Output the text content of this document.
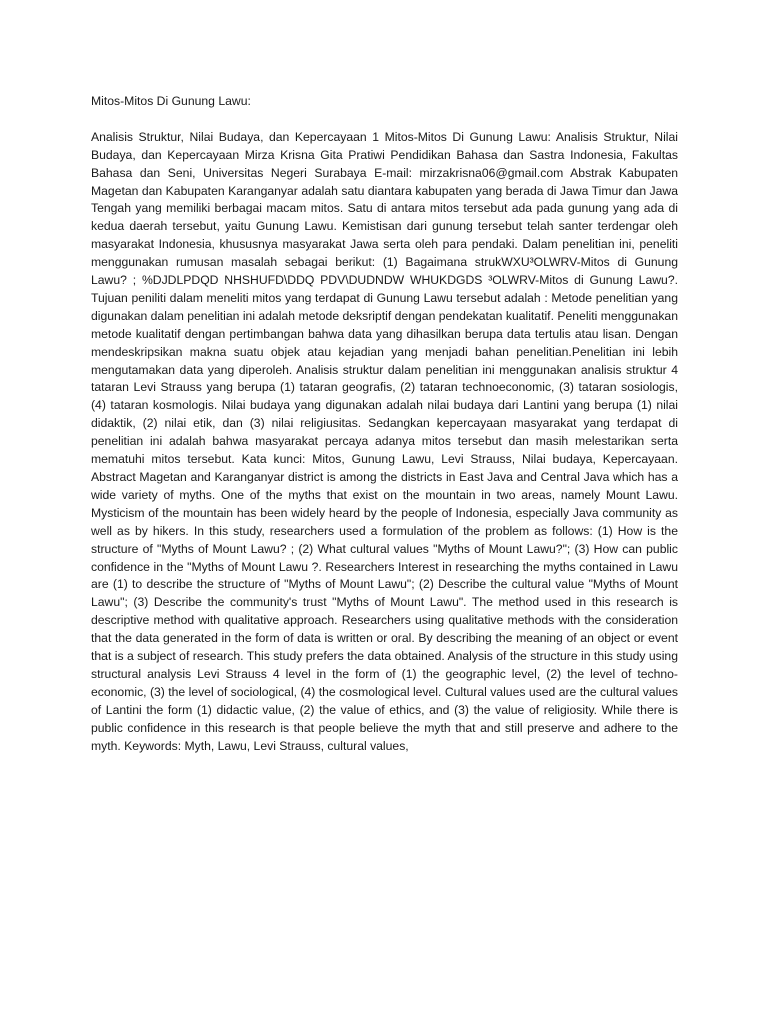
Mitos-Mitos Di Gunung Lawu:

Analisis Struktur, Nilai Budaya, dan Kepercayaan 1 Mitos-Mitos Di Gunung Lawu: Analisis Struktur, Nilai Budaya, dan Kepercayaan Mirza Krisna Gita Pratiwi Pendidikan Bahasa dan Sastra Indonesia, Fakultas Bahasa dan Seni, Universitas Negeri Surabaya E-mail: mirzakrisna06@gmail.com Abstrak Kabupaten Magetan dan Kabupaten Karanganyar adalah satu diantara kabupaten yang berada di Jawa Timur dan Jawa Tengah yang memiliki berbagai macam mitos. Satu di antara mitos tersebut ada pada gunung yang ada di kedua daerah tersebut, yaitu Gunung Lawu. Kemistisan dari gunung tersebut telah santer terdengar oleh masyarakat Indonesia, khususnya masyarakat Jawa serta oleh para pendaki. Dalam penelitian ini, peneliti menggunakan rumusan masalah sebagai berikut: (1) Bagaimana strukWXU³OLWRV-Mitos di Gunung Lawu? ; %DJDLPDQD NHSHUFD\DDQ PDV\DUDNDW WHUKDGDS ³OLWRV-Mitos di Gunung Lawu?. Tujuan peniliti dalam meneliti mitos yang terdapat di Gunung Lawu tersebut adalah : Metode penelitian yang digunakan dalam penelitian ini adalah metode deksriptif dengan pendekatan kualitatif. Peneliti menggunakan metode kualitatif dengan pertimbangan bahwa data yang dihasilkan berupa data tertulis atau lisan. Dengan mendeskripsikan makna suatu objek atau kejadian yang menjadi bahan penelitian.Penelitian ini lebih mengutamakan data yang diperoleh. Analisis struktur dalam penelitian ini menggunakan analisis struktur 4 tataran Levi Strauss yang berupa (1) tataran geografis, (2) tataran technoeconomic, (3) tataran sosiologis, (4) tataran kosmologis. Nilai budaya yang digunakan adalah nilai budaya dari Lantini yang berupa (1) nilai didaktik, (2) nilai etik, dan (3) nilai religiusitas. Sedangkan kepercayaan masyarakat yang terdapat di penelitian ini adalah bahwa masyarakat percaya adanya mitos tersebut dan masih melestarikan serta mematuhi mitos tersebut. Kata kunci: Mitos, Gunung Lawu, Levi Strauss, Nilai budaya, Kepercayaan. Abstract Magetan and Karanganyar district is among the districts in East Java and Central Java which has a wide variety of myths. One of the myths that exist on the mountain in two areas, namely Mount Lawu. Mysticism of the mountain has been widely heard by the people of Indonesia, especially Java community as well as by hikers. In this study, researchers used a formulation of the problem as follows: (1) How is the structure of "Myths of Mount Lawu? ; (2) What cultural values "Myths of Mount Lawu?"; (3) How can public confidence in the "Myths of Mount Lawu ?. Researchers Interest in researching the myths contained in Lawu are (1) to describe the structure of "Myths of Mount Lawu"; (2) Describe the cultural value "Myths of Mount Lawu"; (3) Describe the community's trust "Myths of Mount Lawu". The method used in this research is descriptive method with qualitative approach. Researchers using qualitative methods with the consideration that the data generated in the form of data is written or oral. By describing the meaning of an object or event that is a subject of research. This study prefers the data obtained. Analysis of the structure in this study using structural analysis Levi Strauss 4 level in the form of (1) the geographic level, (2) the level of techno-economic, (3) the level of sociological, (4) the cosmological level. Cultural values used are the cultural values of Lantini the form (1) didactic value, (2) the value of ethics, and (3) the value of religiosity. While there is public confidence in this research is that people believe the myth that and still preserve and adhere to the myth. Keywords: Myth, Lawu, Levi Strauss, cultural values,
